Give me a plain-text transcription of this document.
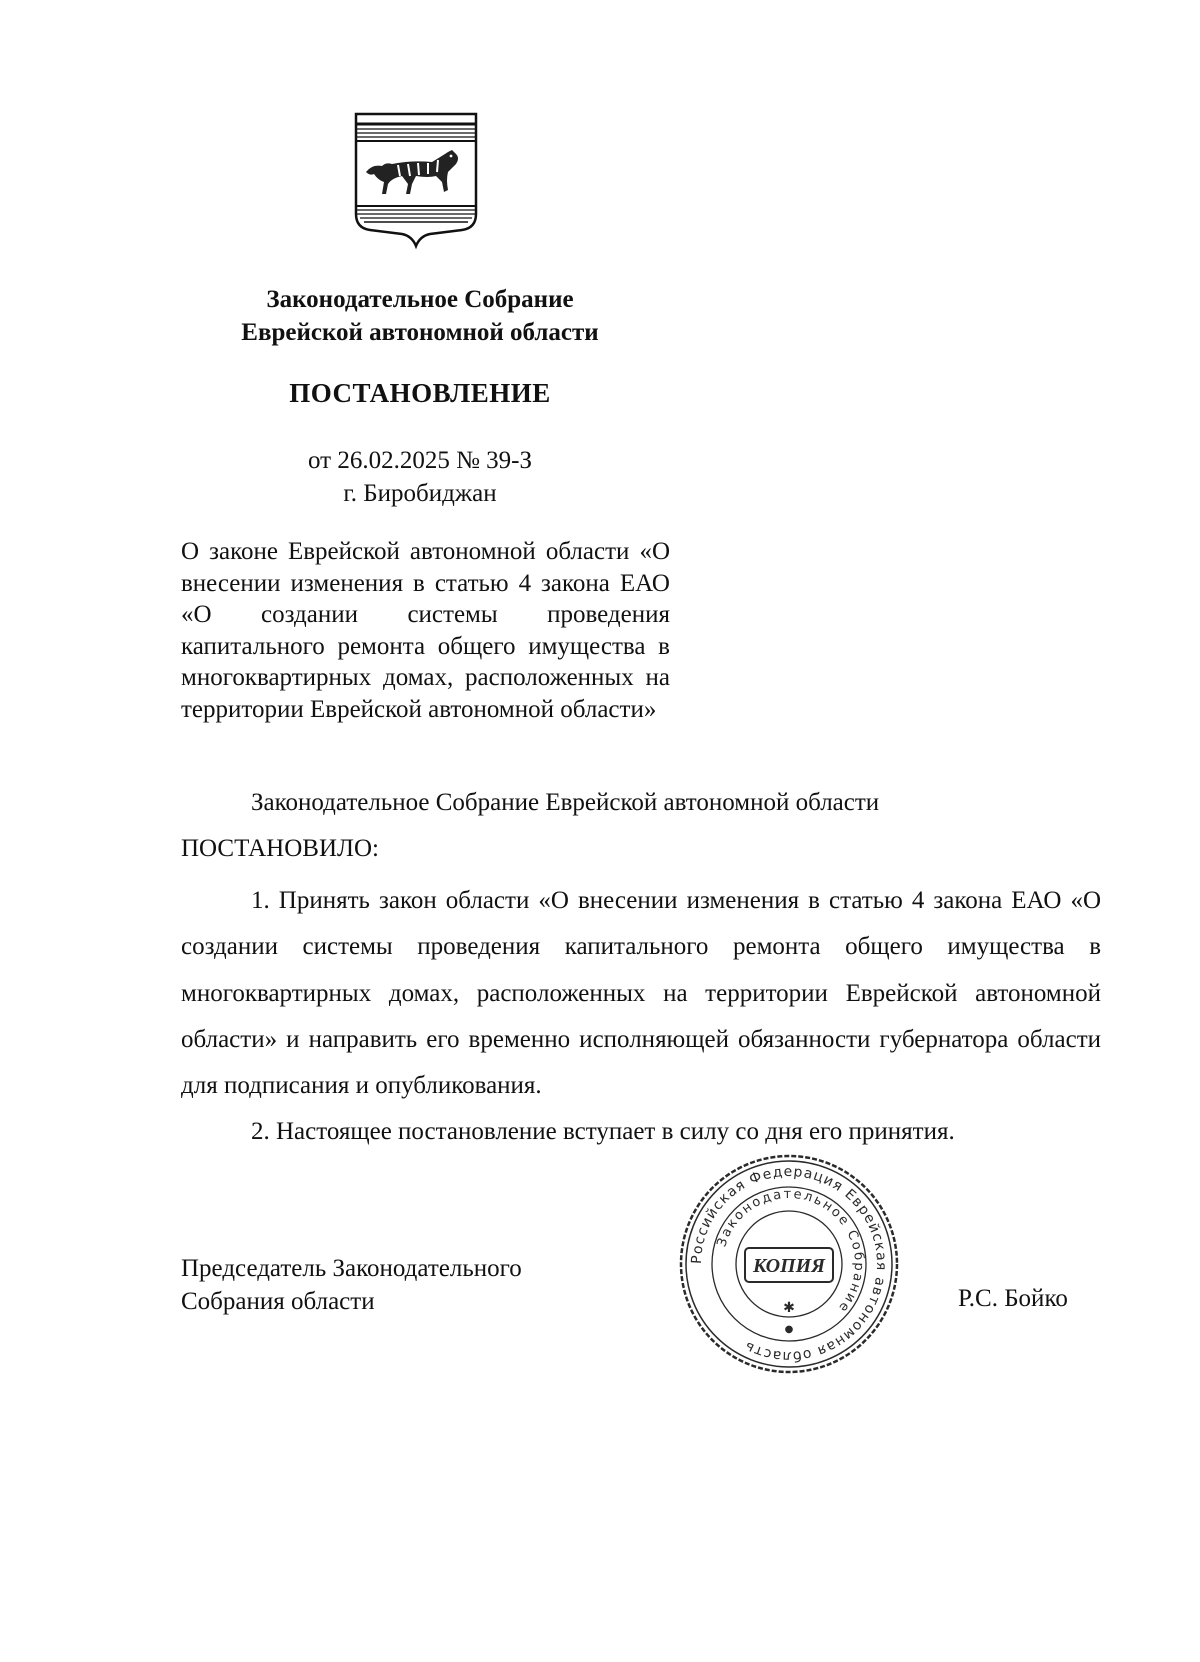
Законодательное Собрание
Еврейской автономной области
ПОСТАНОВЛЕНИЕ
от 26.02.2025 № 39-З
г. Биробиджан
О законе Еврейской автономной области «О внесении изменения в статью 4 закона ЕАО «О создании системы проведения капитального ремонта общего имущества в многоквартирных домах, расположенных на территории Еврейской автономной области»
Законодательное Собрание Еврейской автономной области
ПОСТАНОВИЛО:

1. Принять закон области «О внесении изменения в статью 4 закона ЕАО «О создании системы проведения капитального ремонта общего имущества в многоквартирных домах, расположенных на территории Еврейской автономной области» и направить его временно исполняющей обязанности губернатора области для подписания и опубликования.

2. Настоящее постановление вступает в силу со дня его принятия.

Председатель Законодательного
Собрания области
Российская Федерация Еврейская автономная область
Законодательное Собрание
КОПИЯ
✱
●
Р.С. Бойко
